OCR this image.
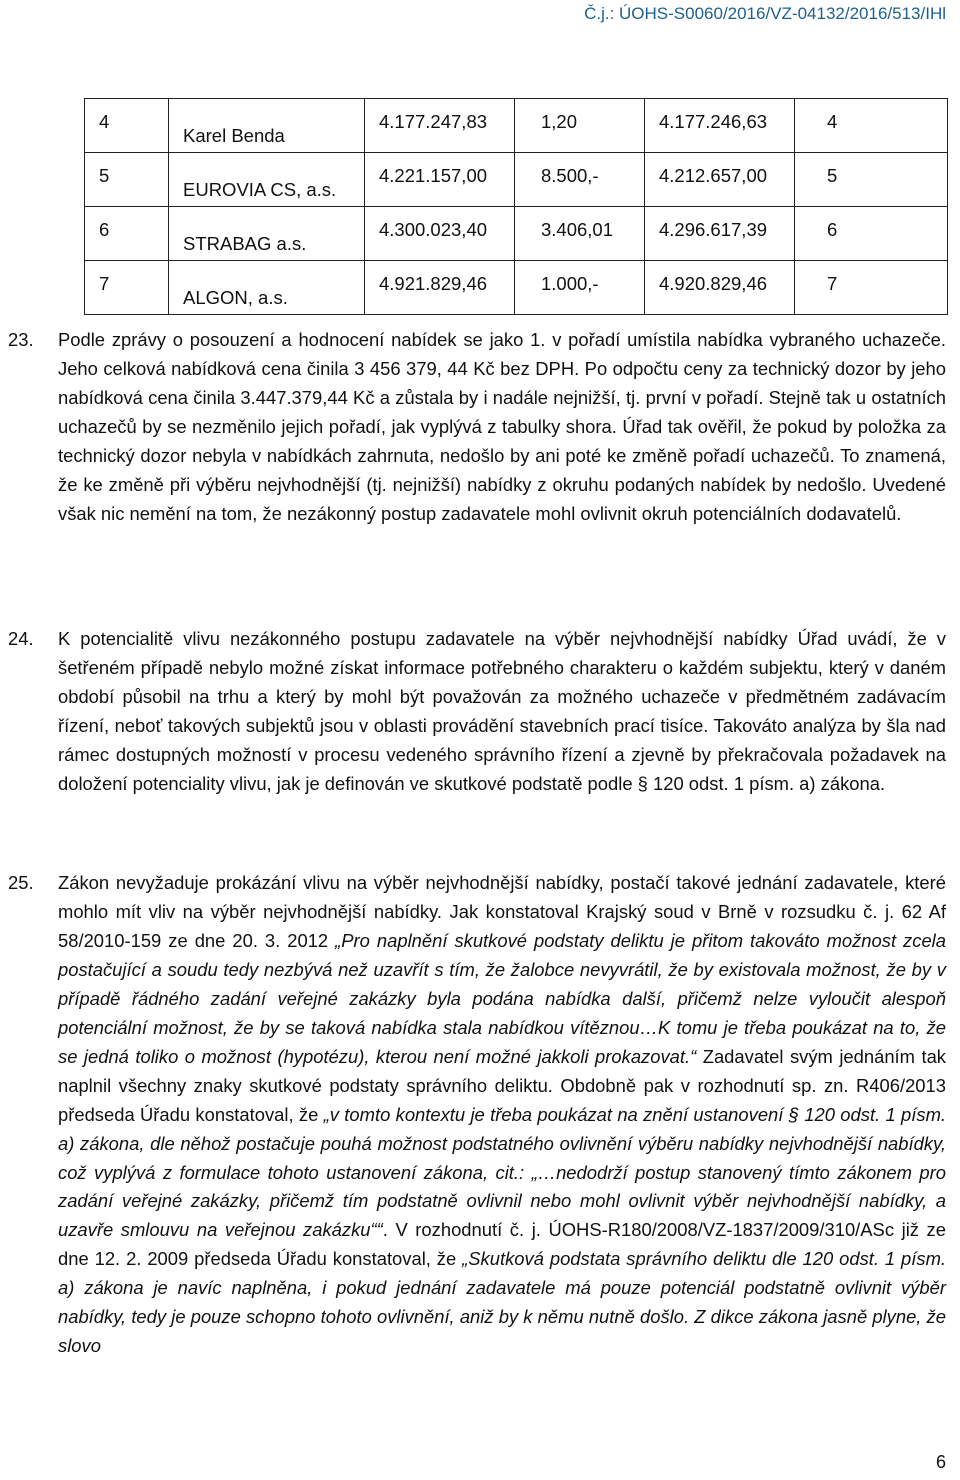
Č.j.: ÚOHS-S0060/2016/VZ-04132/2016/513/IHl
4	Karel Benda	4.177.247,83	1,20	4.177.246,63	4
5	EUROVIA CS, a.s.	4.221.157,00	8.500,-	4.212.657,00	5
6	STRABAG a.s.	4.300.023,40	3.406,01	4.296.617,39	6
7	ALGON, a.s.	4.921.829,46	1.000,-	4.920.829,46	7
23. Podle zprávy o posouzení a hodnocení nabídek se jako 1. v pořadí umístila nabídka vybraného uchazeče. Jeho celková nabídková cena činila 3 456 379, 44 Kč bez DPH. Po odpočtu ceny za technický dozor by jeho nabídková cena činila 3.447.379,44 Kč a zůstala by i nadále nejnižší, tj. první v pořadí. Stejně tak u ostatních uchazečů by se nezměnilo jejich pořadí, jak vyplývá z tabulky shora. Úřad tak ověřil, že pokud by položka za technický dozor nebyla v nabídkách zahrnuta, nedošlo by ani poté ke změně pořadí uchazečů. To znamená, že ke změně při výběru nejvhodnější (tj. nejnižší) nabídky z okruhu podaných nabídek by nedošlo. Uvedené však nic nemění na tom, že nezákonný postup zadavatele mohl ovlivnit okruh potenciálních dodavatelů.
24. K potencialitě vlivu nezákonného postupu zadavatele na výběr nejvhodnější nabídky Úřad uvádí, že v šetřeném případě nebylo možné získat informace potřebného charakteru o každém subjektu, který v daném období působil na trhu a který by mohl být považován za možného uchazeče v předmětném zadávacím řízení, neboť takových subjektů jsou v oblasti provádění stavebních prací tisíce. Takováto analýza by šla nad rámec dostupných možností v procesu vedeného správního řízení a zjevně by překračovala požadavek na doložení potenciality vlivu, jak je definován ve skutkové podstatě podle § 120 odst. 1 písm. a) zákona.
25. Zákon nevyžaduje prokázání vlivu na výběr nejvhodnější nabídky, postačí takové jednání zadavatele, které mohlo mít vliv na výběr nejvhodnější nabídky. Jak konstatoval Krajský soud v Brně v rozsudku č. j. 62 Af 58/2010-159 ze dne 20. 3. 2012 „Pro naplnění skutkové podstaty deliktu je přitom takováto možnost zcela postačující a soudu tedy nezbývá než uzavřít s tím, že žalobce nevyvrátil, že by existovala možnost, že by v případě řádného zadání veřejné zakázky byla podána nabídka další, přičemž nelze vyloučit alespoň potenciální možnost, že by se taková nabídka stala nabídkou vítěznou…K tomu je třeba poukázat na to, že se jedná toliko o možnost (hypotézu), kterou není možné jakkoli prokazovat.“ Zadavatel svým jednáním tak naplnil všechny znaky skutkové podstaty správního deliktu. Obdobně pak v rozhodnutí sp. zn. R406/2013 předseda Úřadu konstatoval, že „v tomto kontextu je třeba poukázat na znění ustanovení § 120 odst. 1 písm. a) zákona, dle něhož postačuje pouhá možnost podstatného ovlivnění výběru nabídky nejvhodnější nabídky, což vyplývá z formulace tohoto ustanovení zákona, cit.: „…nedodrží postup stanovený tímto zákonem pro zadání veřejné zakázky, přičemž tím podstatně ovlivnil nebo mohl ovlivnit výběr nejvhodnější nabídky, a uzavře smlouvu na veřejnou zakázku““. V rozhodnutí č. j. ÚOHS-R180/2008/VZ-1837/2009/310/ASc již ze dne 12. 2. 2009 předseda Úřadu konstatoval, že „Skutková podstata správního deliktu dle 120 odst. 1 písm. a) zákona je navíc naplněna, i pokud jednání zadavatele má pouze potenciál podstatně ovlivnit výběr nabídky, tedy je pouze schopno tohoto ovlivnění, aniž by k němu nutně došlo. Z dikce zákona jasně plyne, že slovo
6
